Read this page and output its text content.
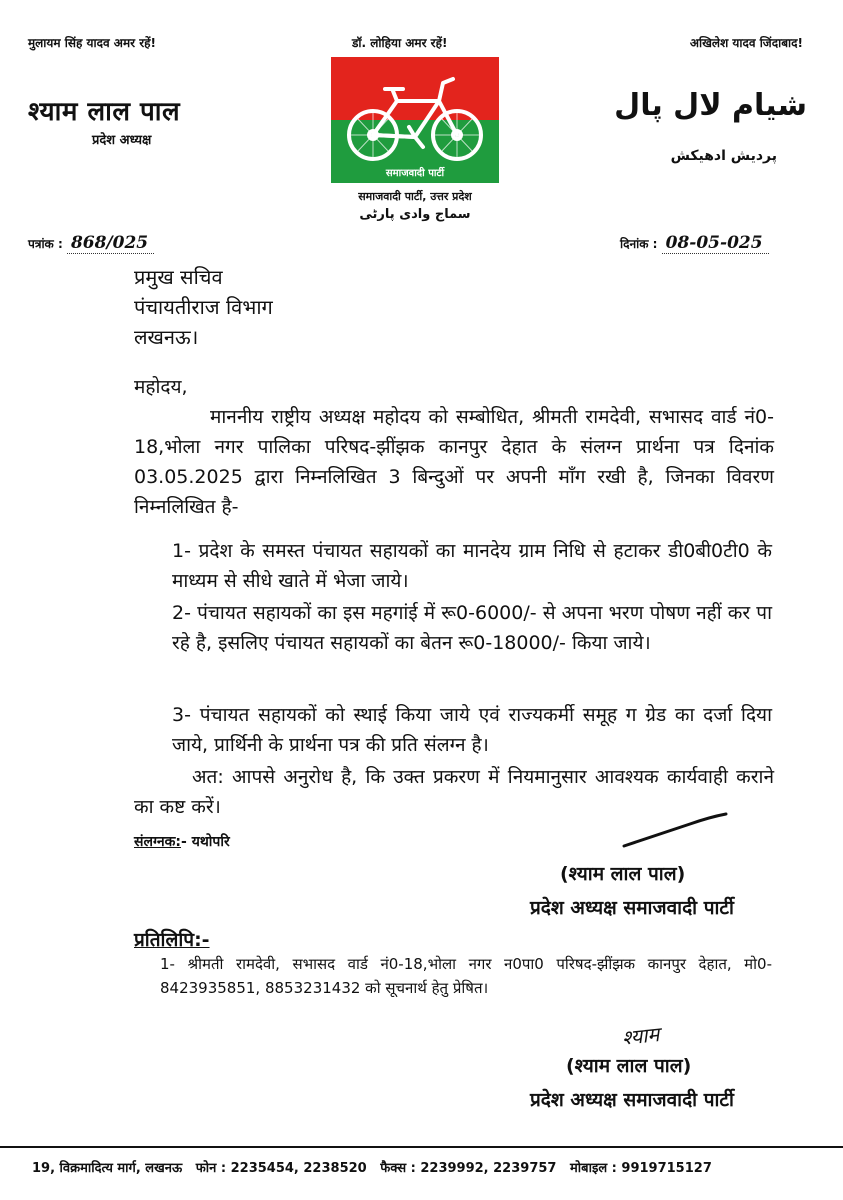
मुलायम सिंह यादव अमर रहें!	डॉ. लोहिया अमर रहें!	अखिलेश यादव जिंदाबाद!
श्याम लाल पाल
प्रदेश अध्यक्ष
شیام لال پال
پردیش ادھیکش
समाजवादी पार्टी
समाजवादी पार्टी, उत्तर प्रदेश
سماج وادی پارٹی
पत्रांक : 868/025	दिनांक : 08-05-025
प्रमुख सचिव
पंचायतीराज विभाग
लखनऊ।
महोदय,
माननीय राष्ट्रीय अध्यक्ष महोदय को सम्बोधित, श्रीमती रामदेवी, सभासद वार्ड नं0-18,भोला नगर पालिका परिषद-झींझक कानपुर देहात के संलग्न प्रार्थना पत्र दिनांक 03.05.2025 द्वारा निम्नलिखित 3 बिन्दुओं पर अपनी माँग रखी है, जिनका विवरण निम्नलिखित है-
1- प्रदेश के समस्त पंचायत सहायकों का मानदेय ग्राम निधि से हटाकर डी0बी0टी0 के माध्यम से सीधे खाते में भेजा जाये।
2- पंचायत सहायकों का इस महगांई में रू0-6000/- से अपना भरण पोषण नहीं कर पा रहे है, इसलिए पंचायत सहायकों का बेतन रू0-18000/- किया जाये।
3- पंचायत सहायकों को स्थाई किया जाये एवं राज्यकर्मी समूह ग ग्रेड का दर्जा दिया जाये, प्रार्थिनी के प्रार्थना पत्र की प्रति संलग्न है।
अत: आपसे अनुरोध है, कि उक्त प्रकरण में नियमानुसार आवश्यक कार्यवाही कराने का कष्ट करें।
संलग्नक:- यथोपरि
(श्याम लाल पाल)
प्रदेश अध्यक्ष समाजवादी पार्टी
प्रतिलिपि:-
1- श्रीमती रामदेवी, सभासद वार्ड नं0-18,भोला नगर न0पा0 परिषद-झींझक कानपुर देहात, मो0-8423935851, 8853231432 को सूचनार्थ हेतु प्रेषित।
श्याम
(श्याम लाल पाल)
प्रदेश अध्यक्ष समाजवादी पार्टी
19, विक्रमादित्य मार्ग, लखनऊ   फोन : 2235454, 2238520   फैक्स : 2239992, 2239757   मोबाइल : 9919715127
